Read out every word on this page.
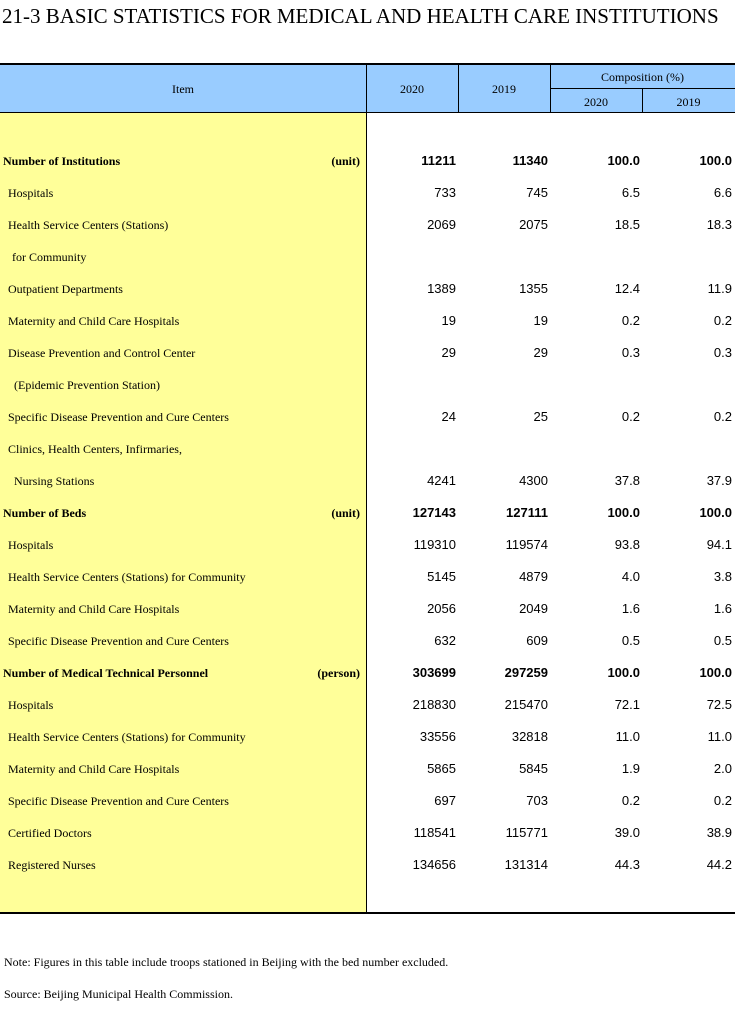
21-3 BASIC STATISTICS FOR MEDICAL AND HEALTH CARE INSTITUTIONS
Item	2020	2019
Composition (%)
2020	2019
Number of Institutions	(unit)	11211	11340	100.0	100.0
Hospitals	733	745	6.5	6.6
Health Service Centers (Stations)	2069	2075	18.5	18.3
for Community
Outpatient Departments	1389	1355	12.4	11.9
Maternity and Child Care Hospitals	19	19	0.2	0.2
Disease Prevention and Control Center	29	29	0.3	0.3
(Epidemic Prevention Station)
Specific Disease Prevention and Cure Centers	24	25	0.2	0.2
Clinics, Health Centers, Infirmaries,
Nursing Stations	4241	4300	37.8	37.9
Number of Beds	(unit)	127143	127111	100.0	100.0
Hospitals	119310	119574	93.8	94.1
Health Service Centers (Stations) for Community	5145	4879	4.0	3.8
Maternity and Child Care Hospitals	2056	2049	1.6	1.6
Specific Disease Prevention and Cure Centers	632	609	0.5	0.5
Number of Medical Technical Personnel	(person)	303699	297259	100.0	100.0
Hospitals	218830	215470	72.1	72.5
Health Service Centers (Stations) for Community	33556	32818	11.0	11.0
Maternity and Child Care Hospitals	5865	5845	1.9	2.0
Specific Disease Prevention and Cure Centers	697	703	0.2	0.2
Certified Doctors	118541	115771	39.0	38.9
Registered Nurses	134656	131314	44.3	44.2
Note: Figures in this table include troops stationed in Beijing with the bed number excluded.
Source: Beijing Municipal Health Commission.
